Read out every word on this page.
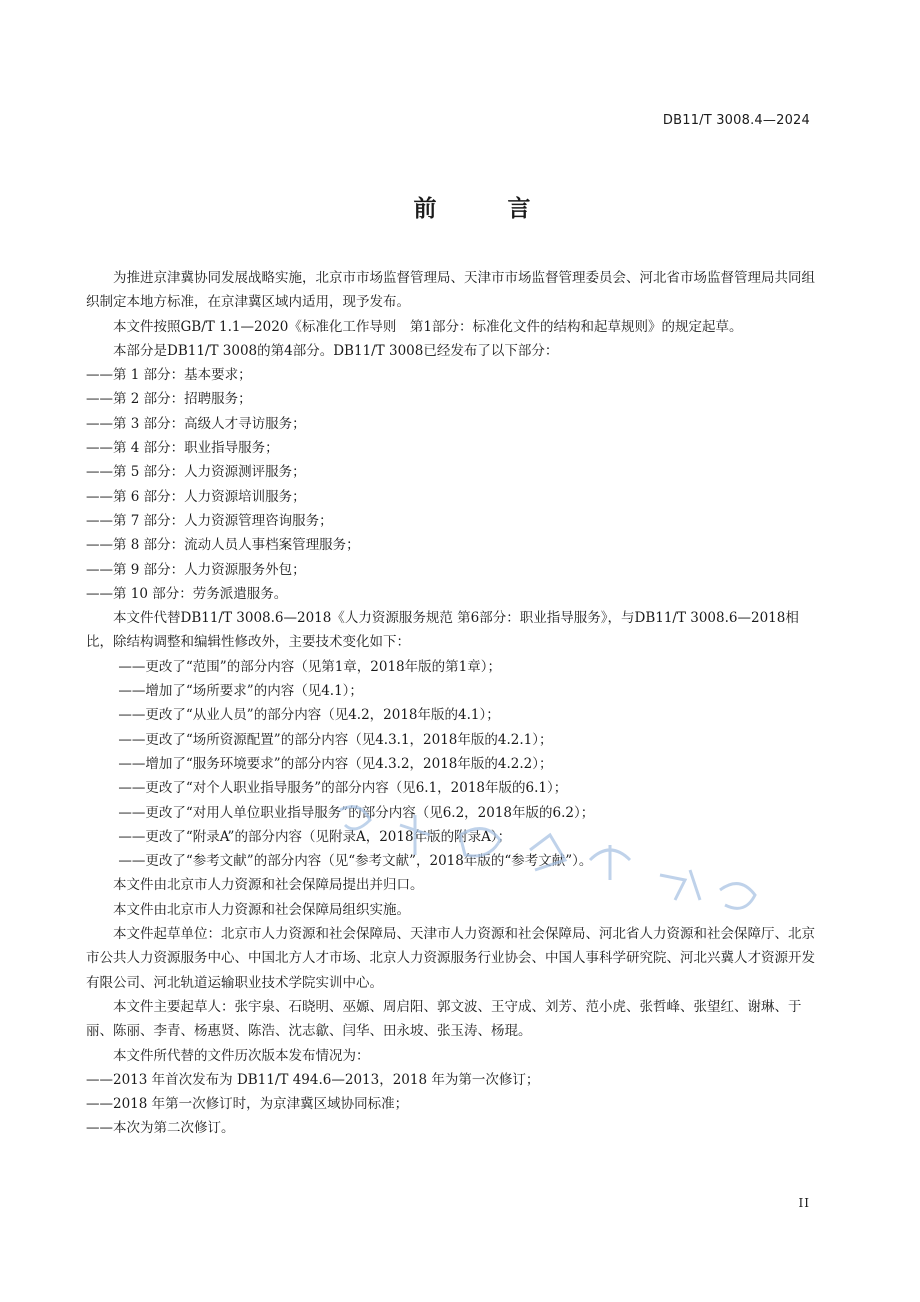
DB11/T 3008.4—2024
前　言

为推进京津冀协同发展战略实施，北京市市场监督管理局、天津市市场监督管理委员会、河北省市场监督管理局共同组织制定本地方标准，在京津冀区域内适用，现予发布。

本文件按照GB/T 1.1—2020《标准化工作导则　第1部分：标准化文件的结构和起草规则》的规定起草。

本部分是DB11/T 3008的第4部分。DB11/T 3008已经发布了以下部分：

——第 1 部分：基本要求；

——第 2 部分：招聘服务；

——第 3 部分：高级人才寻访服务；

——第 4 部分：职业指导服务；

——第 5 部分：人力资源测评服务；

——第 6 部分：人力资源培训服务；

——第 7 部分：人力资源管理咨询服务；

——第 8 部分：流动人员人事档案管理服务；

——第 9 部分：人力资源服务外包；

——第 10 部分：劳务派遣服务。

本文件代替DB11/T 3008.6—2018《人力资源服务规范 第6部分：职业指导服务》，与DB11/T 3008.6—2018相比，除结构调整和编辑性修改外，主要技术变化如下：

——更改了“范围”的部分内容（见第1章，2018年版的第1章）；

——增加了“场所要求”的内容（见4.1）；

——更改了“从业人员”的部分内容（见4.2，2018年版的4.1）；

——更改了“场所资源配置”的部分内容（见4.3.1，2018年版的4.2.1）；

——增加了“服务环境要求”的部分内容（见4.3.2，2018年版的4.2.2）；

——更改了“对个人职业指导服务”的部分内容（见6.1，2018年版的6.1）；

——更改了“对用人单位职业指导服务”的部分内容（见6.2，2018年版的6.2）；

——更改了“附录A”的部分内容（见附录A，2018年版的附录A）；

——更改了“参考文献”的部分内容（见“参考文献”，2018年版的“参考文献”）。

本文件由北京市人力资源和社会保障局提出并归口。

本文件由北京市人力资源和社会保障局组织实施。

本文件起草单位：北京市人力资源和社会保障局、天津市人力资源和社会保障局、河北省人力资源和社会保障厅、北京市公共人力资源服务中心、中国北方人才市场、北京人力资源服务行业协会、中国人事科学研究院、河北兴冀人才资源开发有限公司、河北轨道运输职业技术学院实训中心。

本文件主要起草人：张宇泉、石晓明、巫嫄、周启阳、郭文波、王守成、刘芳、范小虎、张哲峰、张望红、谢琳、于丽、陈丽、李青、杨惠贤、陈浩、沈志歙、闫华、田永坡、张玉涛、杨琨。

本文件所代替的文件历次版本发布情况为：

——2013 年首次发布为 DB11/T 494.6—2013，2018 年为第一次修订；

——2018 年第一次修订时，为京津冀区域协同标准；

——本次为第二次修订。

II
